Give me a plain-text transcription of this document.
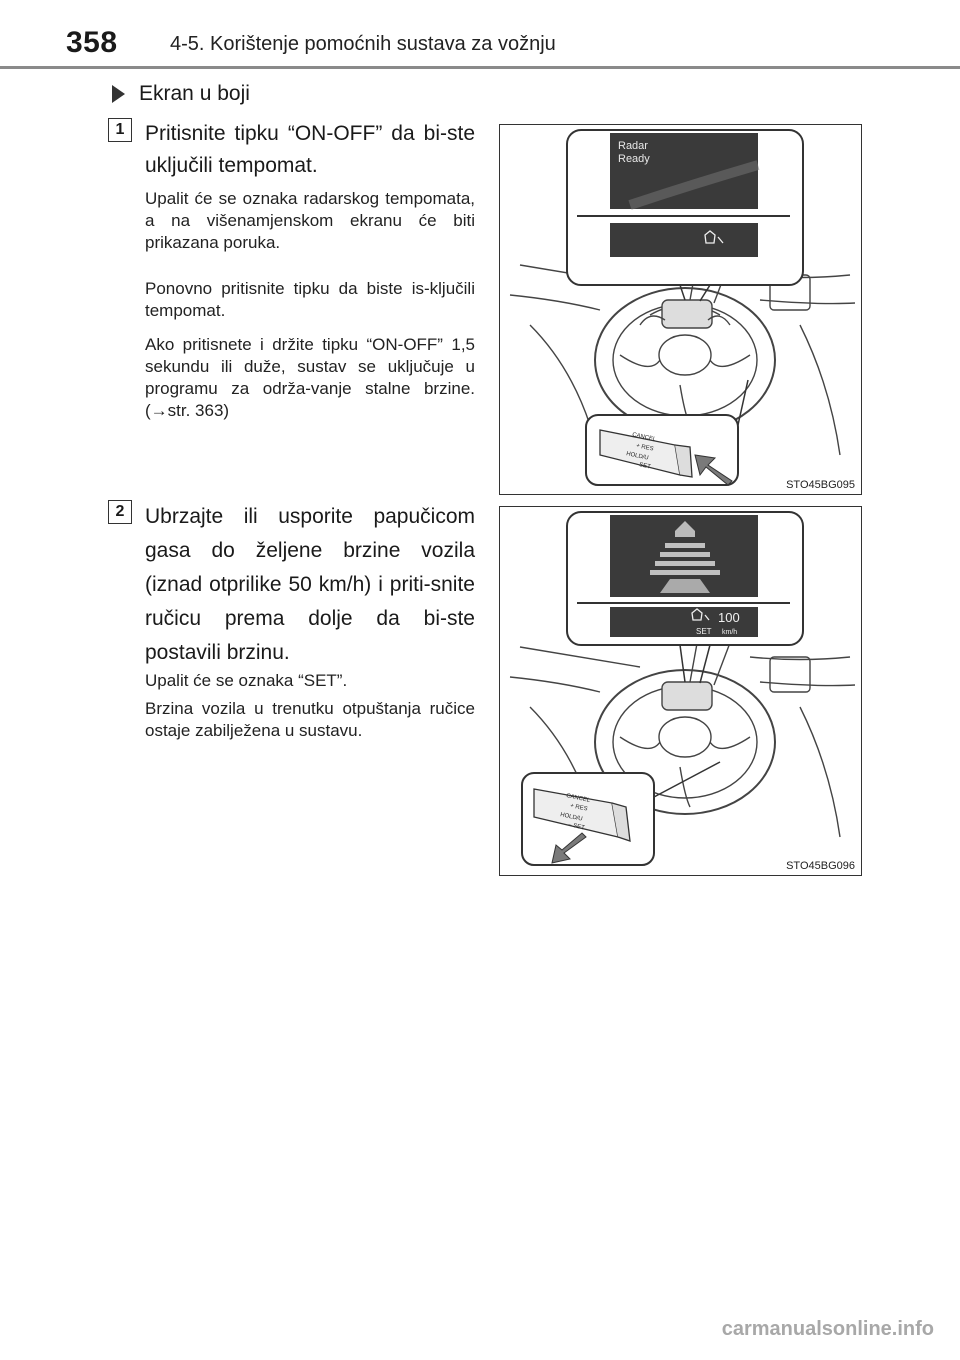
358	4-5. Korištenje pomoćnih sustava za vožnju
Ekran u boji
1 Pritisnite tipku “ON-OFF” da bi-ste uključili tempomat.
Upalit će se oznaka radarskog tempomata, a na višenamjenskom ekranu će biti prikazana poruka.
Ponovno pritisnite tipku da biste is-ključili tempomat.
Ako pritisnete i držite tipku “ON-OFF” 1,5 sekundu ili duže, sustav se uključuje u programu za održa-vanje stalne brzine. (→str. 363)
Radar
Ready
CANCEL
+ RES
HOLD/U
– SET
STO45BG095
2 Ubrzajte ili usporite papučicom gasa do željene brzine vozila (iznad otprilike 50 km/h) i priti-snite ručicu prema dolje da bi-ste postavili brzinu.
Upalit će se oznaka “SET”.
Brzina vozila u trenutku otpuštanja ručice ostaje zabilježena u sustavu.
100
SET km/h
CANCEL
+ RES
HOLD/U
– SET
STO45BG096
carmanualsonline.info
